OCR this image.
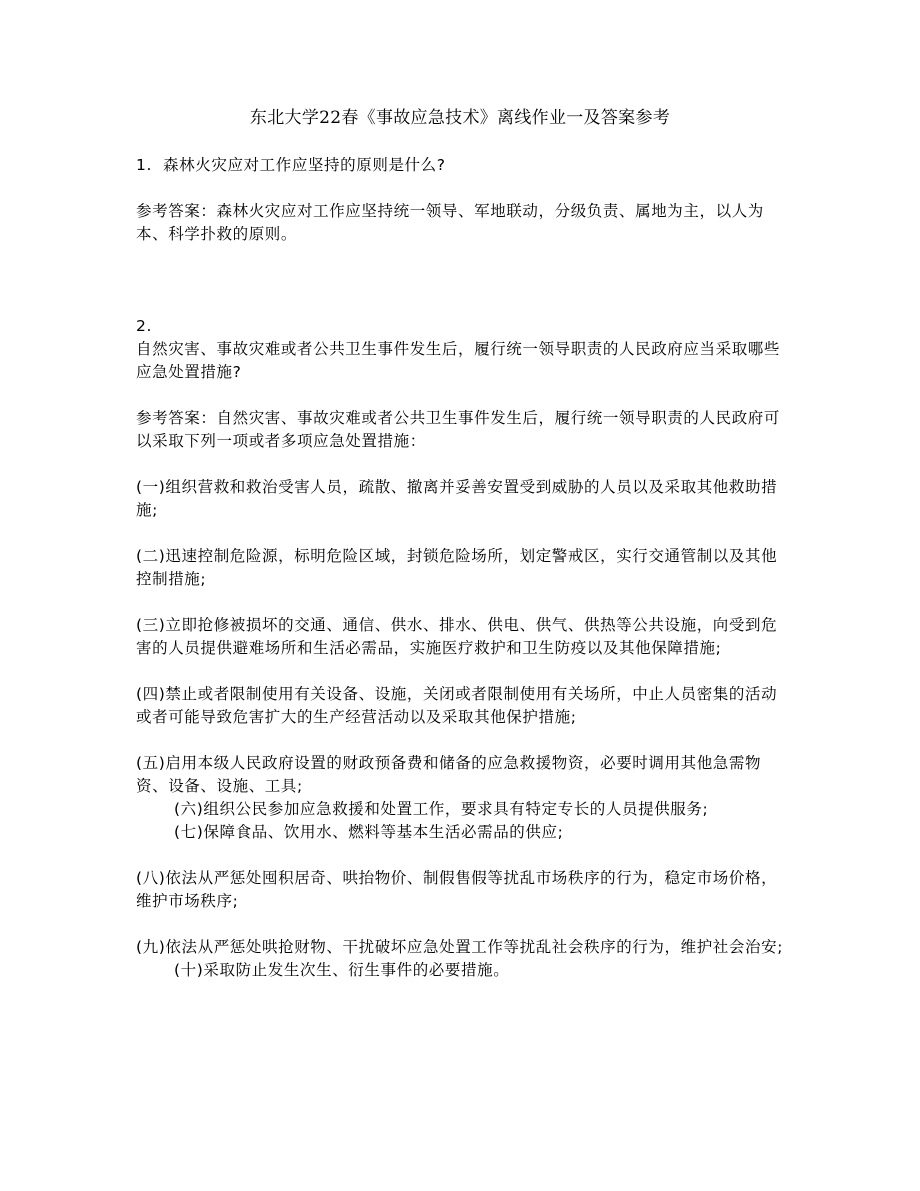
东北大学22春《事故应急技术》离线作业一及答案参考

1.  森林火灾应对工作应坚持的原则是什么?

参考答案：森林火灾应对工作应坚持统一领导、军地联动，分级负责、属地为主，以人为本、科学扑救的原则。

2.

自然灾害、事故灾难或者公共卫生事件发生后，履行统一领导职责的人民政府应当采取哪些应急处置措施?

参考答案：自然灾害、事故灾难或者公共卫生事件发生后，履行统一领导职责的人民政府可以采取下列一项或者多项应急处置措施：

(一)组织营救和救治受害人员，疏散、撤离并妥善安置受到威胁的人员以及采取其他救助措施;

(二)迅速控制危险源，标明危险区域，封锁危险场所，划定警戒区，实行交通管制以及其他控制措施;

(三)立即抢修被损坏的交通、通信、供水、排水、供电、供气、供热等公共设施，向受到危害的人员提供避难场所和生活必需品，实施医疗救护和卫生防疫以及其他保障措施;

(四)禁止或者限制使用有关设备、设施，关闭或者限制使用有关场所，中止人员密集的活动或者可能导致危害扩大的生产经营活动以及采取其他保护措施;

(五)启用本级人民政府设置的财政预备费和储备的应急救援物资，必要时调用其他急需物资、设备、设施、工具;

(六)组织公民参加应急救援和处置工作，要求具有特定专长的人员提供服务;

(七)保障食品、饮用水、燃料等基本生活必需品的供应;

(八)依法从严惩处囤积居奇、哄抬物价、制假售假等扰乱市场秩序的行为，稳定市场价格，维护市场秩序;

(九)依法从严惩处哄抢财物、干扰破坏应急处置工作等扰乱社会秩序的行为，维护社会治安;

(十)采取防止发生次生、衍生事件的必要措施。
